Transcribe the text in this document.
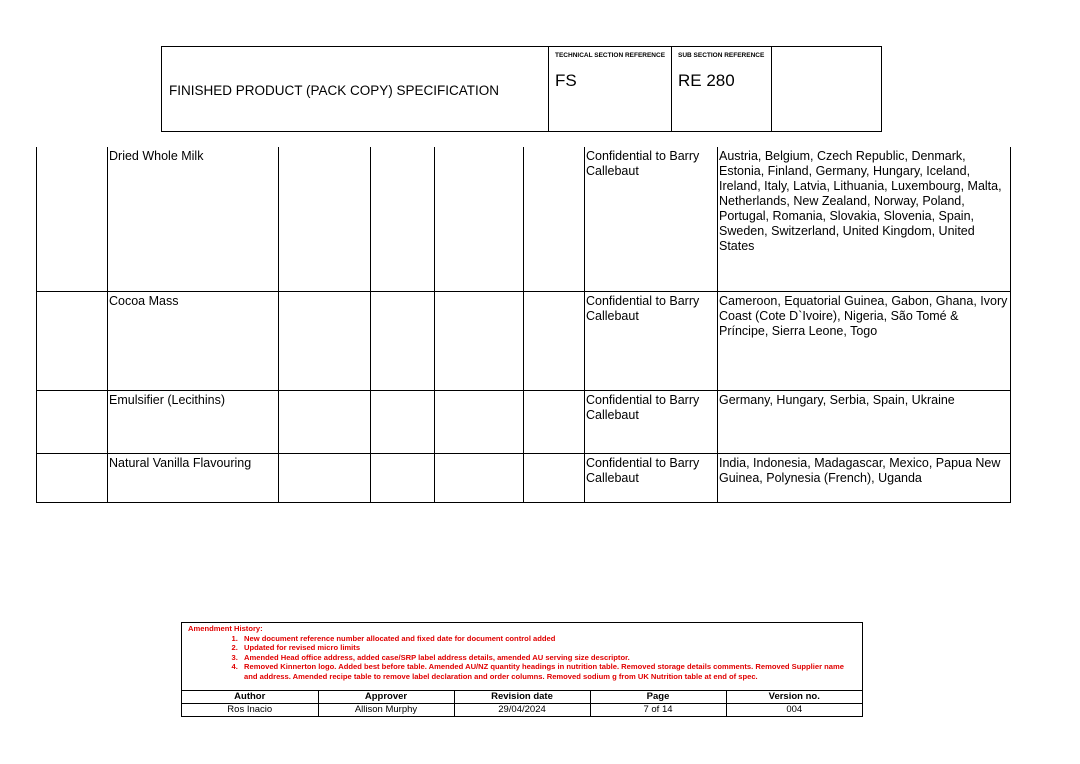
FINISHED PRODUCT (PACK COPY) SPECIFICATION
TECHNICAL SECTION REFERENCE
FS
SUB SECTION REFERENCE
RE 280
	Dried Whole Milk					Confidential to Barry Callebaut	Austria, Belgium, Czech Republic, Denmark, Estonia, Finland, Germany, Hungary, Iceland, Ireland, Italy, Latvia, Lithuania, Luxembourg, Malta, Netherlands, New Zealand, Norway, Poland, Portugal, Romania, Slovakia, Slovenia, Spain, Sweden, Switzerland, United Kingdom, United States
	Cocoa Mass					Confidential to Barry Callebaut	Cameroon, Equatorial Guinea, Gabon, Ghana, Ivory Coast (Cote D`Ivoire), Nigeria, São Tomé & Príncipe, Sierra Leone, Togo
	Emulsifier (Lecithins)					Confidential to Barry Callebaut	Germany, Hungary, Serbia, Spain, Ukraine
	Natural Vanilla Flavouring					Confidential to Barry Callebaut	India, Indonesia, Madagascar, Mexico, Papua New Guinea, Polynesia (French), Uganda
Amendment History:
1. New document reference number allocated and fixed date for document control added
2. Updated for revised micro limits
3. Amended Head office address, added case/SRP label address details, amended AU serving size descriptor.
4. Removed Kinnerton logo. Added best before table. Amended AU/NZ quantity headings in nutrition table. Removed storage details comments. Removed Supplier name and address. Amended recipe table to remove label declaration and order columns. Removed sodium g from UK Nutrition table at end of spec.
Author	Approver	Revision date	Page	Version no.
Ros Inacio	Allison Murphy	29/04/2024	7 of 14	004
